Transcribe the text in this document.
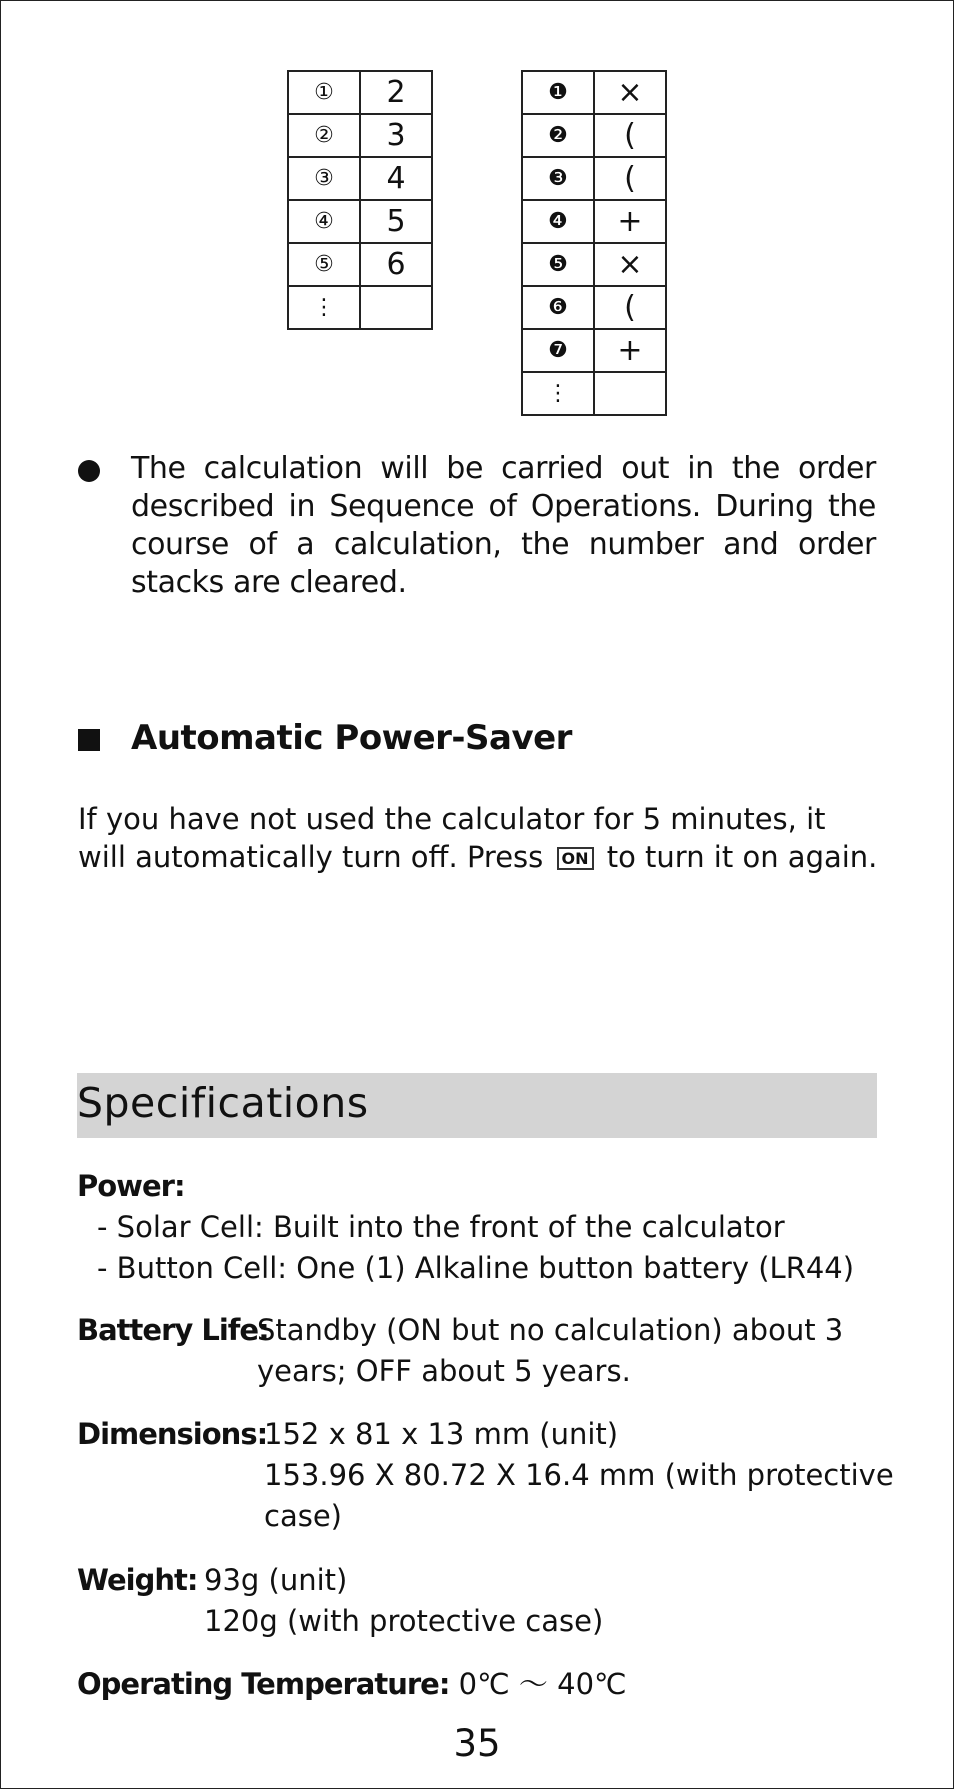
①	2
②	3
③	4
④	5
⑤	6
⋮	
❶	×
❷	(
❸	(
❹	+
❺	×
❻	(
❼	+
⋮	
The calculation will be carried out in the order described in Sequence of Operations. During the course of a calculation, the number and order stacks are cleared.
Automatic Power-Saver
If you have not used the calculator for 5 minutes, it will automatically turn off. Press ON to turn it on again.
Specifications
Power:
- Solar Cell: Built into the front of the calculator
- Button Cell: One (1) Alkaline button battery (LR44)
Battery Life:
Standby (ON but no calculation) about 3
years; OFF about 5 years.
Dimensions:
152 x 81 x 13 mm (unit)
153.96 X 80.72 X 16.4 mm (with protective
case)
Weight: 93g (unit)
120g (with protective case)
Operating Temperature: 0℃ ～ 40℃
35
